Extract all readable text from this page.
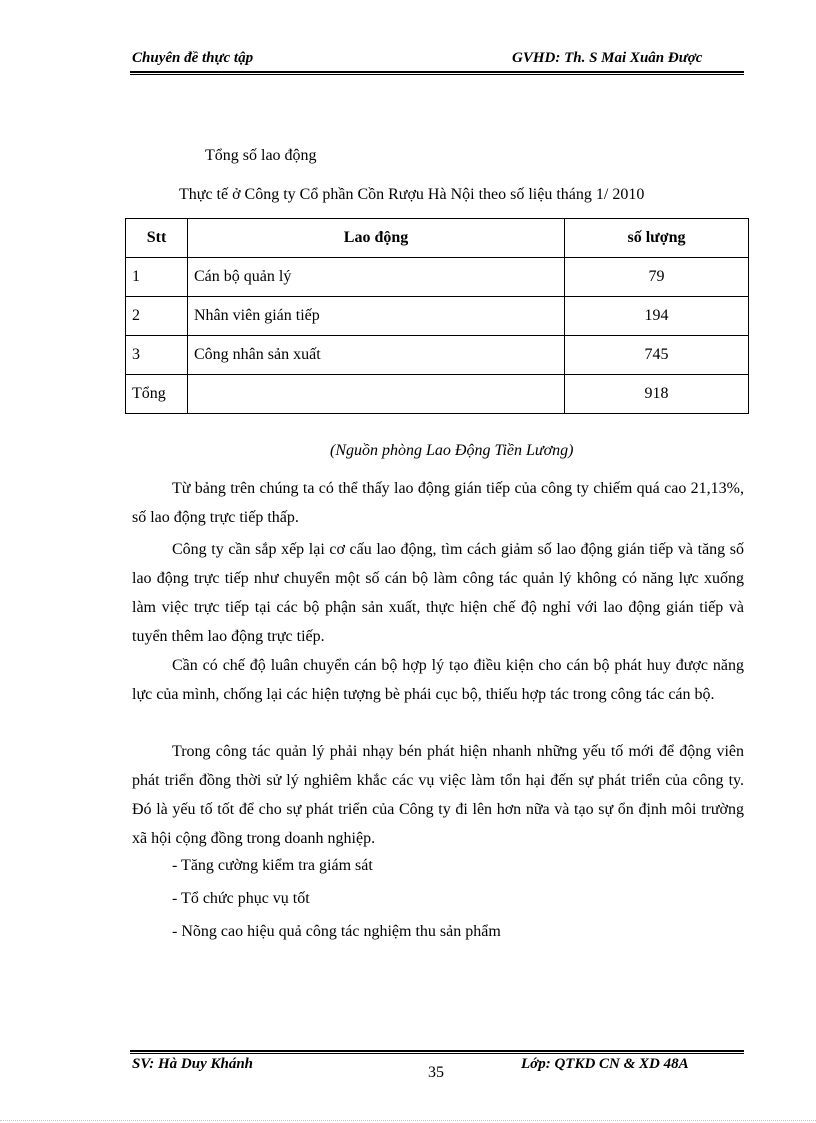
Chuyên đề thực tập	GVHD: Th. S Mai Xuân Được
Tổng số lao động
Thực tế ở Công ty Cổ phần Cồn Rượu Hà Nội theo số liệu tháng 1/ 2010
Stt	Lao động	số lượng
1	Cán bộ quản lý	79
2	Nhân viên gián tiếp	194
3	Công nhân sản xuất	745
Tổng		918
(Nguồn phòng Lao Động Tiền Lương)

Từ bảng trên chúng ta có thể thấy lao động gián tiếp của công ty chiếm quá cao 21,13%, số lao động trực tiếp thấp.

Công ty cần sắp xếp lại cơ cấu lao động, tìm cách giảm số lao động gián tiếp và tăng số lao động trực tiếp như chuyển một số cán bộ làm công tác quản lý không có năng lực xuống làm việc trực tiếp tại các bộ phận sản xuất, thực hiện chế độ nghỉ với lao động gián tiếp và tuyển thêm lao động trực tiếp.

Cần có chế độ luân chuyển cán bộ hợp lý tạo điều kiện cho cán bộ phát huy được năng lực của mình, chống lại các hiện tượng bè phái cục bộ, thiếu hợp tác trong công tác cán bộ.

Trong công tác quản lý phải nhạy bén phát hiện nhanh những yếu tố mới để động viên phát triển đồng thời sử lý nghiêm khắc các vụ việc làm tổn hại đến sự phát triển của công ty. Đó là yếu tố tốt để cho sự phát triển của Công ty đi lên hơn nữa và tạo sự ổn định môi trường xã hội cộng đồng trong doanh nghiệp.

- Tăng cường kiểm tra giám sát
- Tổ chức phục vụ tốt
- Nõng cao hiệu quả công tác nghiệm thu sản phẩm
SV: Hà Duy Khánh	35	Lớp: QTKD CN & XD 48A
